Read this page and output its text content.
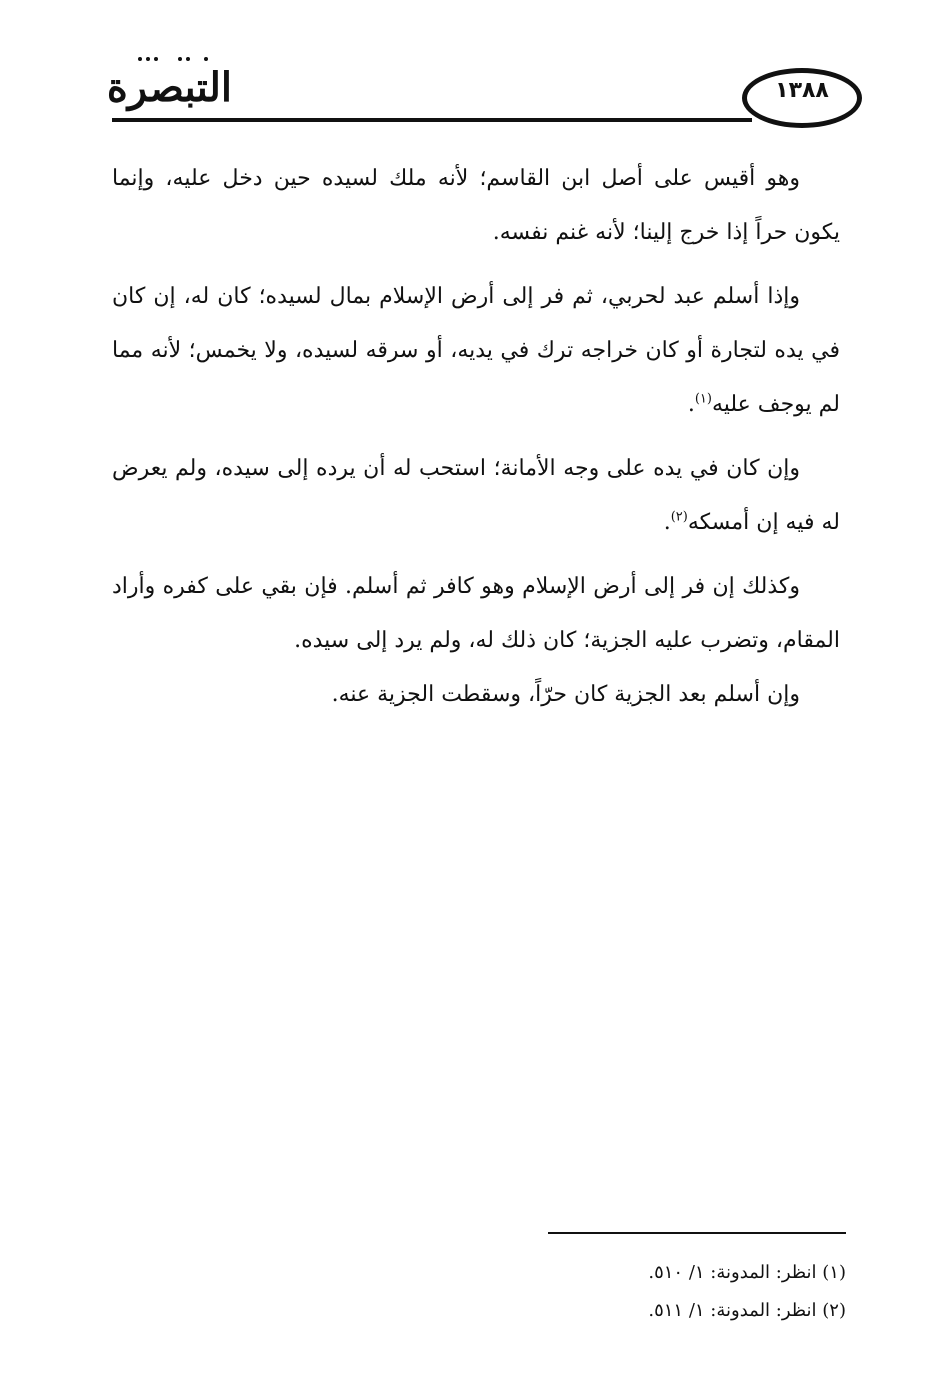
التبصرة	١٣٨٨

وهو أقيس على أصل ابن القاسم؛ لأنه ملك لسيده حين دخل عليه، وإنما يكون حراً إذا خرج إلينا؛ لأنه غنم نفسه.

وإذا أسلم عبد لحربي، ثم فر إلى أرض الإسلام بمال لسيده؛ كان له، إن كان في يده لتجارة أو كان خراجه ترك في يديه، أو سرقه لسيده، ولا يخمس؛ لأنه مما لم يوجف عليه$^{(١)}$.

وإن كان في يده على وجه الأمانة؛ استحب له أن يرده إلى سيده، ولم يعرض له فيه إن أمسكه$^{(٢)}$.

وكذلك إن فر إلى أرض الإسلام وهو كافر ثم أسلم. فإن بقي على كفره وأراد المقام، وتضرب عليه الجزية؛ كان ذلك له، ولم يرد إلى سيده.

وإن أسلم بعد الجزية كان حرّاً، وسقطت الجزية عنه.

(١) انظر: المدونة: ١/ ٥١٠.
(٢) انظر: المدونة: ١/ ٥١١.
